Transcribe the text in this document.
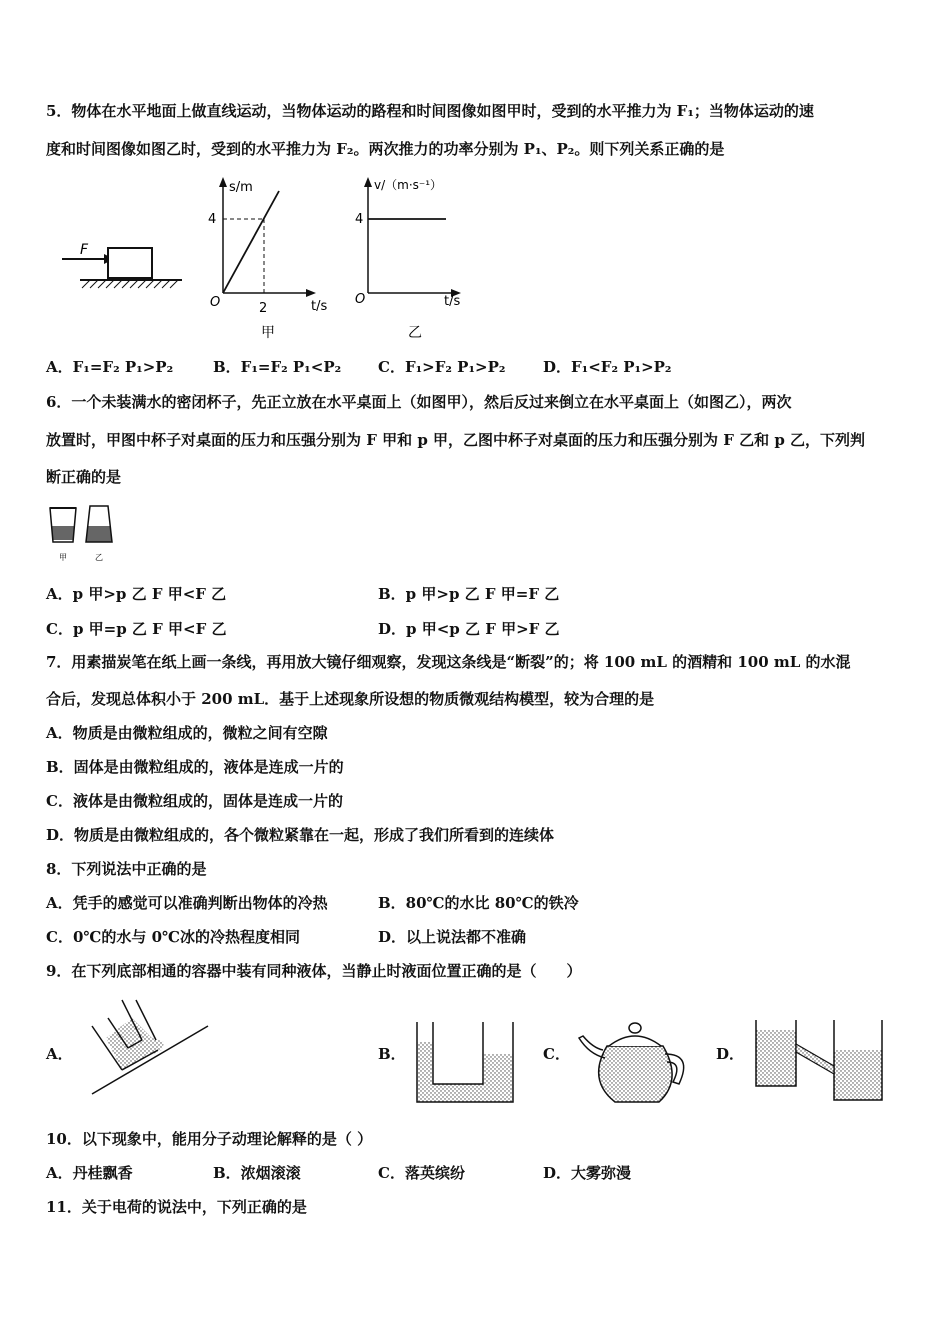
5．物体在水平地面上做直线运动，当物体运动的路程和时间图像如图甲时，受到的水平推力为 F₁；当物体运动的速
度和时间图像如图乙时，受到的水平推力为 F₂。两次推力的功率分别为 P₁、P₂。则下列关系正确的是
F
s/m
t/s
O
4
2
甲
v/（m·s⁻¹）
t/s
O
4
乙
A．F₁=F₂ P₁>P₂	B．F₁=F₂ P₁<P₂ C．F₁>F₂ P₁>P₂	D．F₁<F₂ P₁>P₂
6．一个未装满水的密闭杯子，先正立放在水平桌面上（如图甲），然后反过来倒立在水平桌面上（如图乙），两次
放置时，甲图中杯子对桌面的压力和压强分别为 F 甲和 p 甲，乙图中杯子对桌面的压力和压强分别为 F 乙和 p 乙，下列判
断正确的是
甲	乙
A．p 甲>p 乙 F 甲<F 乙	B．p 甲>p 乙 F 甲=F 乙
C．p 甲=p 乙 F 甲<F 乙	D．p 甲<p 乙 F 甲>F 乙
7．用素描炭笔在纸上画一条线，再用放大镜仔细观察，发现这条线是“断裂”的；将 100 mL 的酒精和 100 mL 的水混
合后，发现总体积小于 200 mL．基于上述现象所设想的物质微观结构模型，较为合理的是
A．物质是由微粒组成的，微粒之间有空隙
B．固体是由微粒组成的，液体是连成一片的
C．液体是由微粒组成的，固体是连成一片的
D．物质是由微粒组成的，各个微粒紧靠在一起，形成了我们所看到的连续体
8．下列说法中正确的是
A．凭手的感觉可以准确判断出物体的冷热	B．80℃的水比 80℃的铁冷
C．0℃的水与 0℃冰的冷热程度相同	D．以上说法都不准确
9．在下列底部相通的容器中装有同种液体，当静止时液面位置正确的是（　　）
A．	B．	C．	D．
10．以下现象中，能用分子动理论解释的是（ ）
A．丹桂飘香	B．浓烟滚滚	C．落英缤纷	D．大雾弥漫
11．关于电荷的说法中，下列正确的是
